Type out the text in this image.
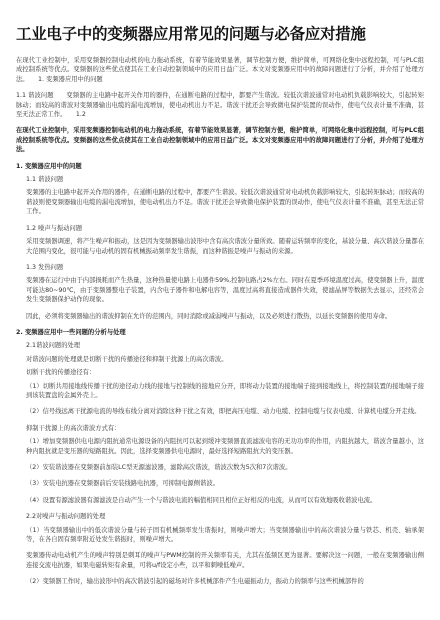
工业电子中的变频器应用常见的问题与必备应对措施
在现代工业控制中，采用变频器控制电动机的电力拖动系统，有着节能效果显著，调节控制方便，维护简单，可网络化集中远程控制，可与PLC组成控制系统等优点。变频器的这些优点使其在工业自动控制领域中的应用日益广泛。本文对变频器应用中的故障问题进行了分析，并介绍了处理方法。　　1. 变频器应用中的问题
1.1 谐波问题　　变频器的主电路中起开关作用的器件，在通断电路的过程中，都要产生谐波。较低次谐波通常对电动机负载影响较大，引起转矩脉动；而较高的谐波对变频器输出电缆的漏电流增加，使电动机出力不足。谐波干扰还会导致微电保护装置的误动作，使电气仪表计量不准确，甚至无法正常工作。　　1.2
在现代工业控制中，采用变频器控制电动机的电力拖动系统，有着节能效果显著，调节控制方便，维护简单，可网络化集中远程控制，可与PLC组成控制系统等优点。变频器的这些优点使其在工业自动控制领域中的应用日益广泛。本文对变频器应用中的故障问题进行了分析，并介绍了处理方法。
1. 变频器应用中的问题
1.1 谐波问题
变频器的主电路中起开关作用的器件，在通断电路的过程中，都要产生谐波。较低次谐波通常对电动机负载影响较大，引起转矩脉动；而较高的谐波则使变频器输出电缆的漏电流增加，使电动机出力不足。谐波干扰还会导致微电保护装置的误动作，使电气仪表计量不准确，甚至无法正常工作。
1.2 噪声与振动问题
采用变频器调速，将产生噪声和振动，这是因为变频器输出波形中含有高次谐波分量所致。随着运转频率的变化，基波分量、高次谐波分量都在大范围内变化，很可能与电动机的固有机械振动频率发生谐振，而这种谐振是噪声与振动的来源。
1.3 发热问题
变频器在运行中由于内部损耗而产生热量，这种热量使电路上电器件59%,控制电路占2%左右。同时在夏季环境温度过高，使变频器上升，温度可能达80~90℃，由于变频器整电子装置，内含电子器件和电解电容等，温度过高将直接造成器件失效，使滤晶屏等数据失去显示，还经常会发生变频器保护动作的现象。
因此，必须将变频器输出的谐波抑制在允许的范围内，同时消除或减弱噪声与振动，以及必须进行散热，以延长变频器的使用寿命。
2. 变频器应用中一些问题的分析与处理
2.1谐波问题的处理
对谐波问题的处理就是切断干扰的传播途径和抑制干扰源上的高次谐波。
切断干扰的传播途径有：
（1）切断共用接地线传播干扰的途径动力线的接地与控制线的接地应分开，即将动力装置的接地端子接到接地线上，将控制装置的接地端子接到该装置盘的金属外壳上。
（2）信号线远离干扰源电流的导线布线分离对消除这种干扰之有效，即把高压电缆、动力电缆、控制电缆与仪表电缆、计算机电缆分开走线。
抑制干扰源上的高次谐波方式有：
（1）增加变频器供电电源内阻抗通常电源设备的内阻抗可以起到缓冲变频器直流滤波电容的无功功率的作用，内阻抗越大，谐波含量越小，这种内阻抗就是变压器的短路阻抗。因此，选择变频器供电电源时，最好选择短路阻抗大的变压器。
（2）安装谐波器在变频器前加装LC型无源滤波器，滤除高次谐波，谐波次数为5次和7次谐波。
（3）安装电抗器在变频器前后安装线路电抗器，可抑制电源侧谐波。
（4）设置有源滤波器有源滤波是自动产生一个与谐波电流的幅值相同且相位正好相反的电流，从而可以有效地吸收谐波电流。
2.2对噪声与振动问题的处理
（1）当变频器输出中的低次谐波分量与转子固有机械频率发生谐振时，则噪声增大；当变频器输出中的高次谐波分量与铁芯、机壳、轴承架等，在各自固有频率附近处发生谐振时，则噪声增大。
变频器传动电动机产生的噪声特别是刺耳的噪声与PWM控制的开关频率有关，尤其在低频区更为显著。要解决这一问题，一般在变频器输出侧连接交流电抗器，如果电磁转矩有余量，可将u/f设定小些，以平和刺噪低噪声。
（2）变频器工作时，输出波形中的高次谐波引起的磁场对许多机械部件产生电磁振动力，振动力的频率与这些机械部件的
